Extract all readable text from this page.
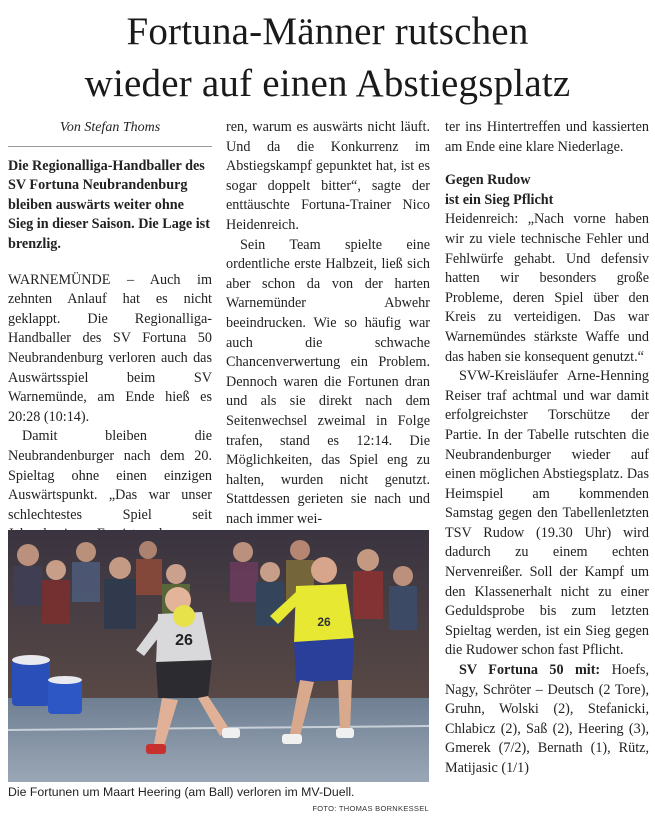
Fortuna-Männer rutschen
wieder auf einen Abstiegsplatz
Von Stefan Thoms

Die Regionalliga-Handballer des SV Fortuna Neubrandenburg bleiben auswärts weiter ohne Sieg in dieser Saison. Die Lage ist brenzlig.

WARNEMÜNDE – Auch im zehnten Anlauf hat es nicht geklappt. Die Regionalliga-Handballer des SV Fortuna 50 Neubrandenburg verloren auch das Auswärtsspiel beim SV Warnemünde, am Ende hieß es 20:28 (10:14).

Damit bleiben die Neubrandenburger nach dem 20. Spieltag ohne einen einzigen Auswärtspunkt. „Das war unser schlechtestes Spiel seit

ren, warum es auswärts nicht läuft. Und da die Konkurrenz im Abstiegskampf gepunktet hat, ist es sogar doppelt bitter“, sagte der enttäuschte Fortuna-Trainer Nico Heidenreich.

Sein Team spielte eine ordentliche erste Halbzeit, ließ sich aber schon da von der harten Warnemünder Abwehr beeindrucken. Wie so häufig war auch die schwache Chancenverwertung ein Problem. Dennoch waren die Fortunen dran und als sie direkt nach dem Seitenwechsel zweimal in Folge trafen, stand es 12:14. Die Möglichkeiten, das Spiel eng zu halten, wurden nicht genutzt. Stattdessen gerieten sie nach und nach immer wei-

ter ins Hintertreffen und kassierten am Ende eine klare Niederlage.

Gegen Rudow
ist ein Sieg Pflicht

Heidenreich: „Nach vorne haben wir zu viele technische Fehler und Fehlwürfe gehabt. Und defensiv hatten wir besonders große Probleme, deren Spiel über den Kreis zu verteidigen. Das war Warnemündes stärkste Waffe und das haben sie konsequent genutzt.“

SVW-Kreisläufer Arne-Henning Reiser traf achtmal und war damit erfolgreichster Torschütze der Partie. In der Tabelle rutschten die Neubrandenburger wieder auf einen möglichen Abstiegsplatz. Das Heimspiel am kommenden Samstag gegen den Tabellenletzten TSV Rudow (19.30 Uhr) wird dadurch zu einem echten Nervenreißer. Soll der Kampf um den Klassenerhalt nicht zu einer Geduldsprobe bis zum letzten Spieltag werden, ist ein Sieg gegen die Rudower schon fast Pflicht.

SV Fortuna 50 mit: Hoefs, Nagy, Schröter – Deutsch (2 Tore), Gruhn, Wolski (2), Stefanicki, Chlabicz (2), Saß (2), Heering (3), Gmerek (7/2), Bernath (1), Rütz, Matijasic (1/1)

26
26
Die Fortunen um Maart Heering (am Ball) verloren im MV-Duell.
FOTO: THOMAS BORNKESSEL
